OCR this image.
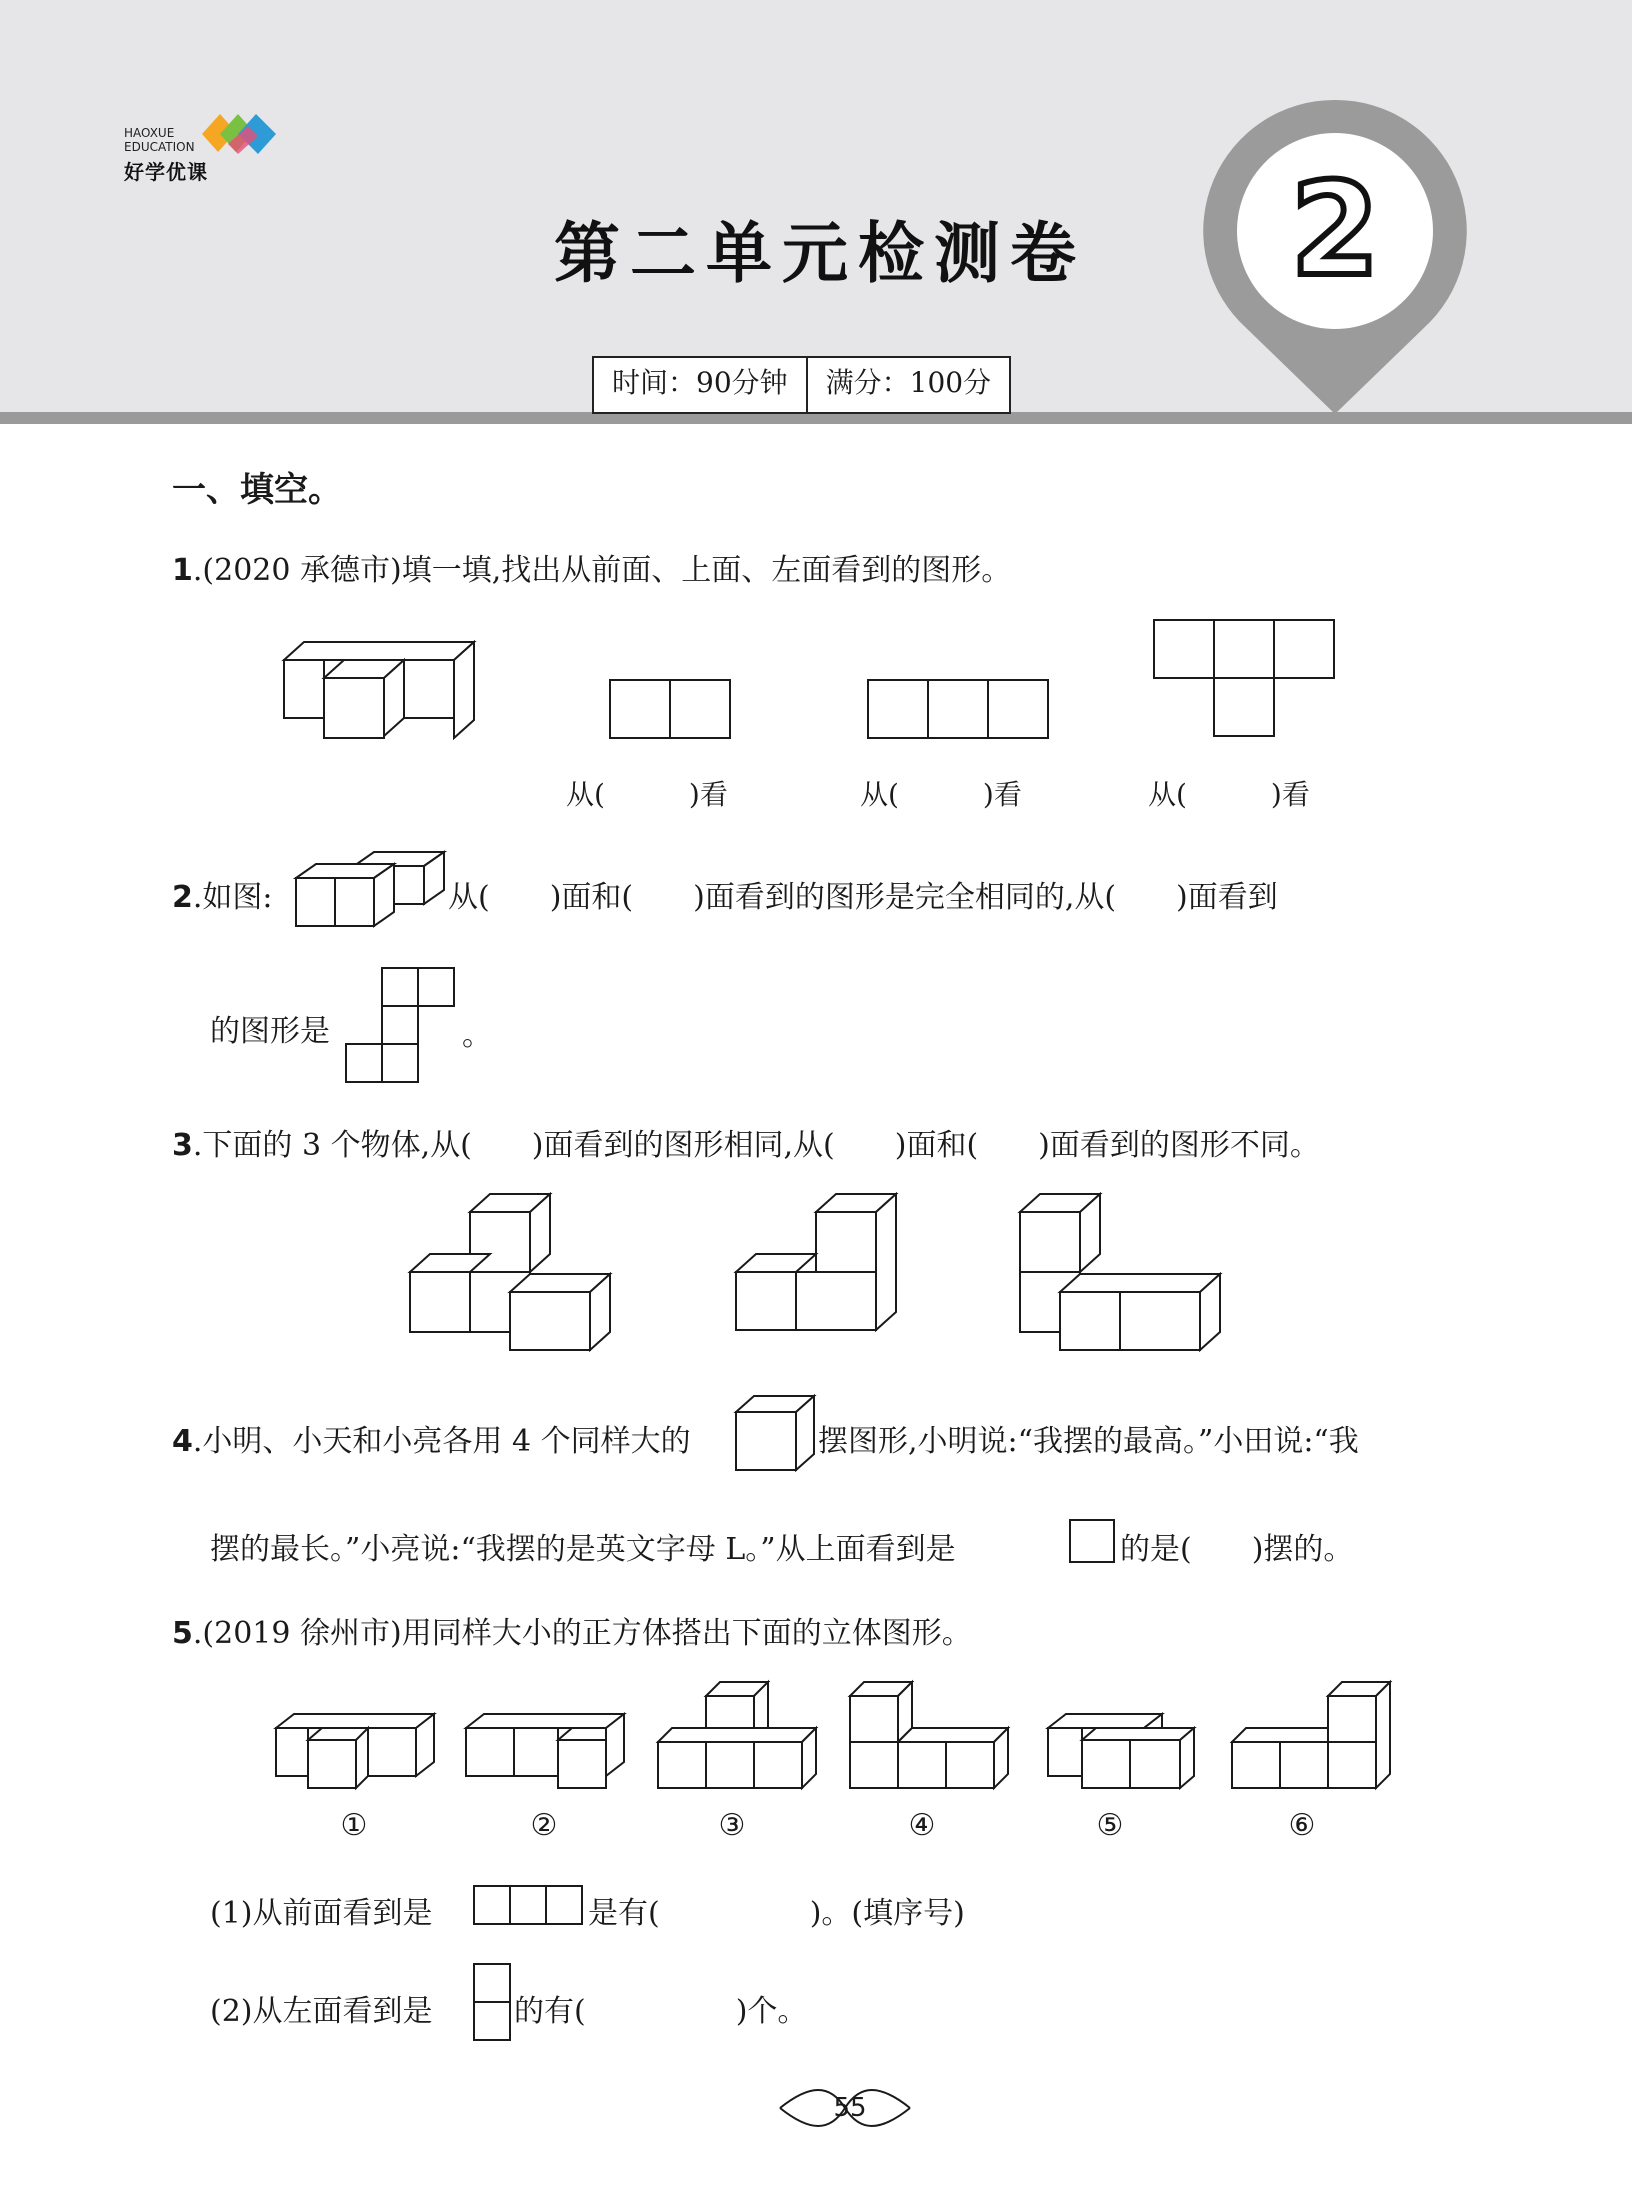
HAOXUE
EDUCATION
好学优课
第二单元检测卷 2
时间：90分钟	满分：100分
一、填空。
1.(2020 承德市)填一填,找出从前面、上面、左面看到的图形。
从(　　　)看	从(　　　)看	从(　　　)看
2.如图:	从(　　)面和(　　)面看到的图形是完全相同的,从(　　)面看到
的图形是	。
3.下面的 3 个物体,从(　　)面看到的图形相同,从(　　)面和(　　)面看到的图形不同。
4.小明、小天和小亮各用 4 个同样大的	摆图形,小明说:“我摆的最高。”小田说:“我
摆的最长。”小亮说:“我摆的是英文字母 L。”从上面看到是	的是(　　)摆的。
5.(2019 徐州市)用同样大小的正方体搭出下面的立体图形。
①	②	③	④	⑤	⑥
(1)从前面看到是	是有(　　　　　)。(填序号)
(2)从左面看到是	的有(　　　　　)个。
55
